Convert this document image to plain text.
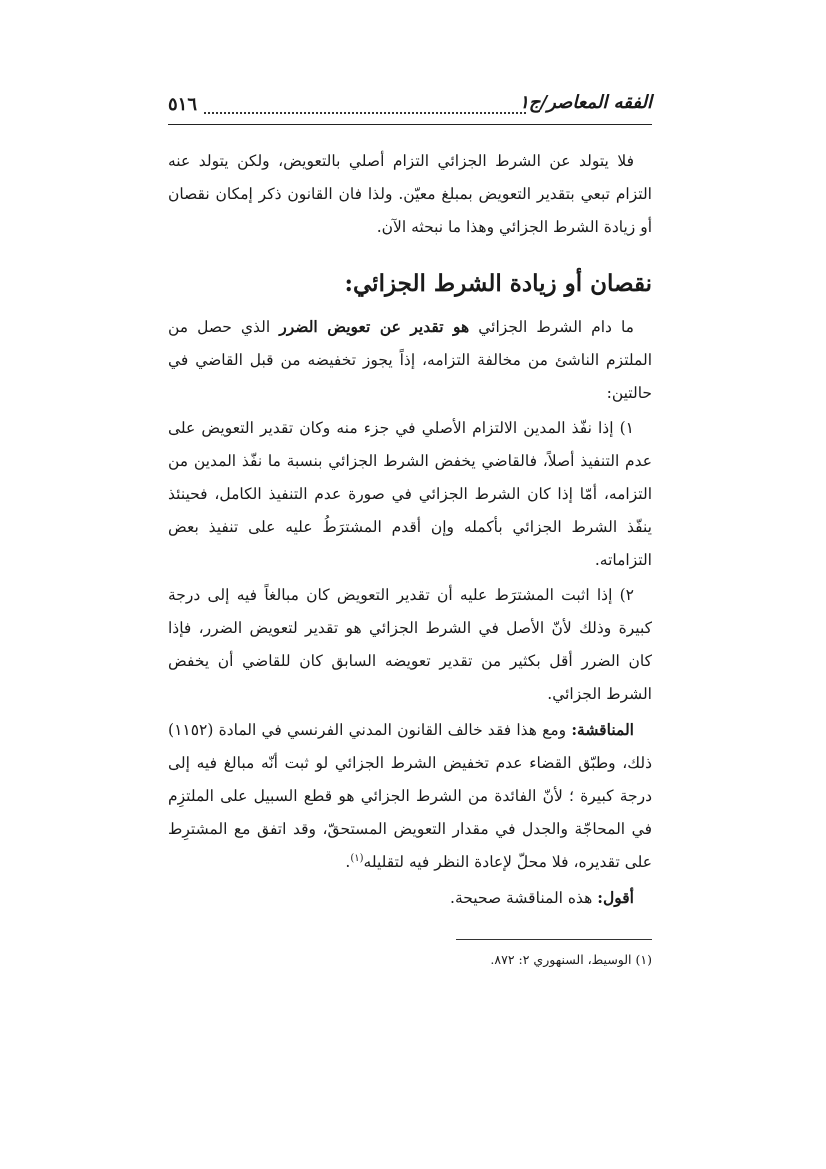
٥١٦	الفقه المعاصر/ج١

فلا يتولد عن الشرط الجزائي التزام أصلي بالتعويض، ولكن يتولد عنه التزام تبعي بتقدير التعويض بمبلغ معيّن. ولذا فان القانون ذكر إمكان نقصان أو زيادة الشرط الجزائي وهذا ما نبحثه الآن.

نقصان أو زيادة الشرط الجزائي:

ما دام الشرط الجزائي هو تقدير عن تعويض الضرر الذي حصل من الملتزم الناشئ من مخالفة التزامه، إذاً يجوز تخفيضه من قبل القاضي في حالتين:

١) إذا نفّذ المدين الالتزام الأصلي في جزء منه وكان تقدير التعويض على عدم التنفيذ أصلاً، فالقاضي يخفض الشرط الجزائي بنسبة ما نفّذ المدين من التزامه، أمّا إذا كان الشرط الجزائي في صورة عدم التنفيذ الكامل، فحينئذ ينفّذ الشرط الجزائي بأكمله وإن أقدم المشترَطُ عليه على تنفيذ بعض التزاماته.

٢) إذا اثبت المشترَط عليه أن تقدير التعويض كان مبالغاً فيه إلى درجة كبيرة وذلك لأنّ الأصل في الشرط الجزائي هو تقدير لتعويض الضرر، فإذا كان الضرر أقل بكثير من تقدير تعويضه السابق كان للقاضي أن يخفض الشرط الجزائي.

المناقشة: ومع هذا فقد خالف القانون المدني الفرنسي في المادة (١١٥٢) ذلك، وطبّق القضاء عدم تخفيض الشرط الجزائي لو ثبت أنّه مبالغ فيه إلى درجة كبيرة ؛ لأنّ الفائدة من الشرط الجزائي هو قطع السبيل على الملتزِم في المحاجّة والجدل في مقدار التعويض المستحقّ، وقد اتفق مع المشترِط على تقديره، فلا محلّ لإعادة النظر فيه لتقليله$^{(١)}$.

أقول: هذه المناقشة صحيحة.

(١) الوسيط، السنهوري ٢: ٨٧٢.
